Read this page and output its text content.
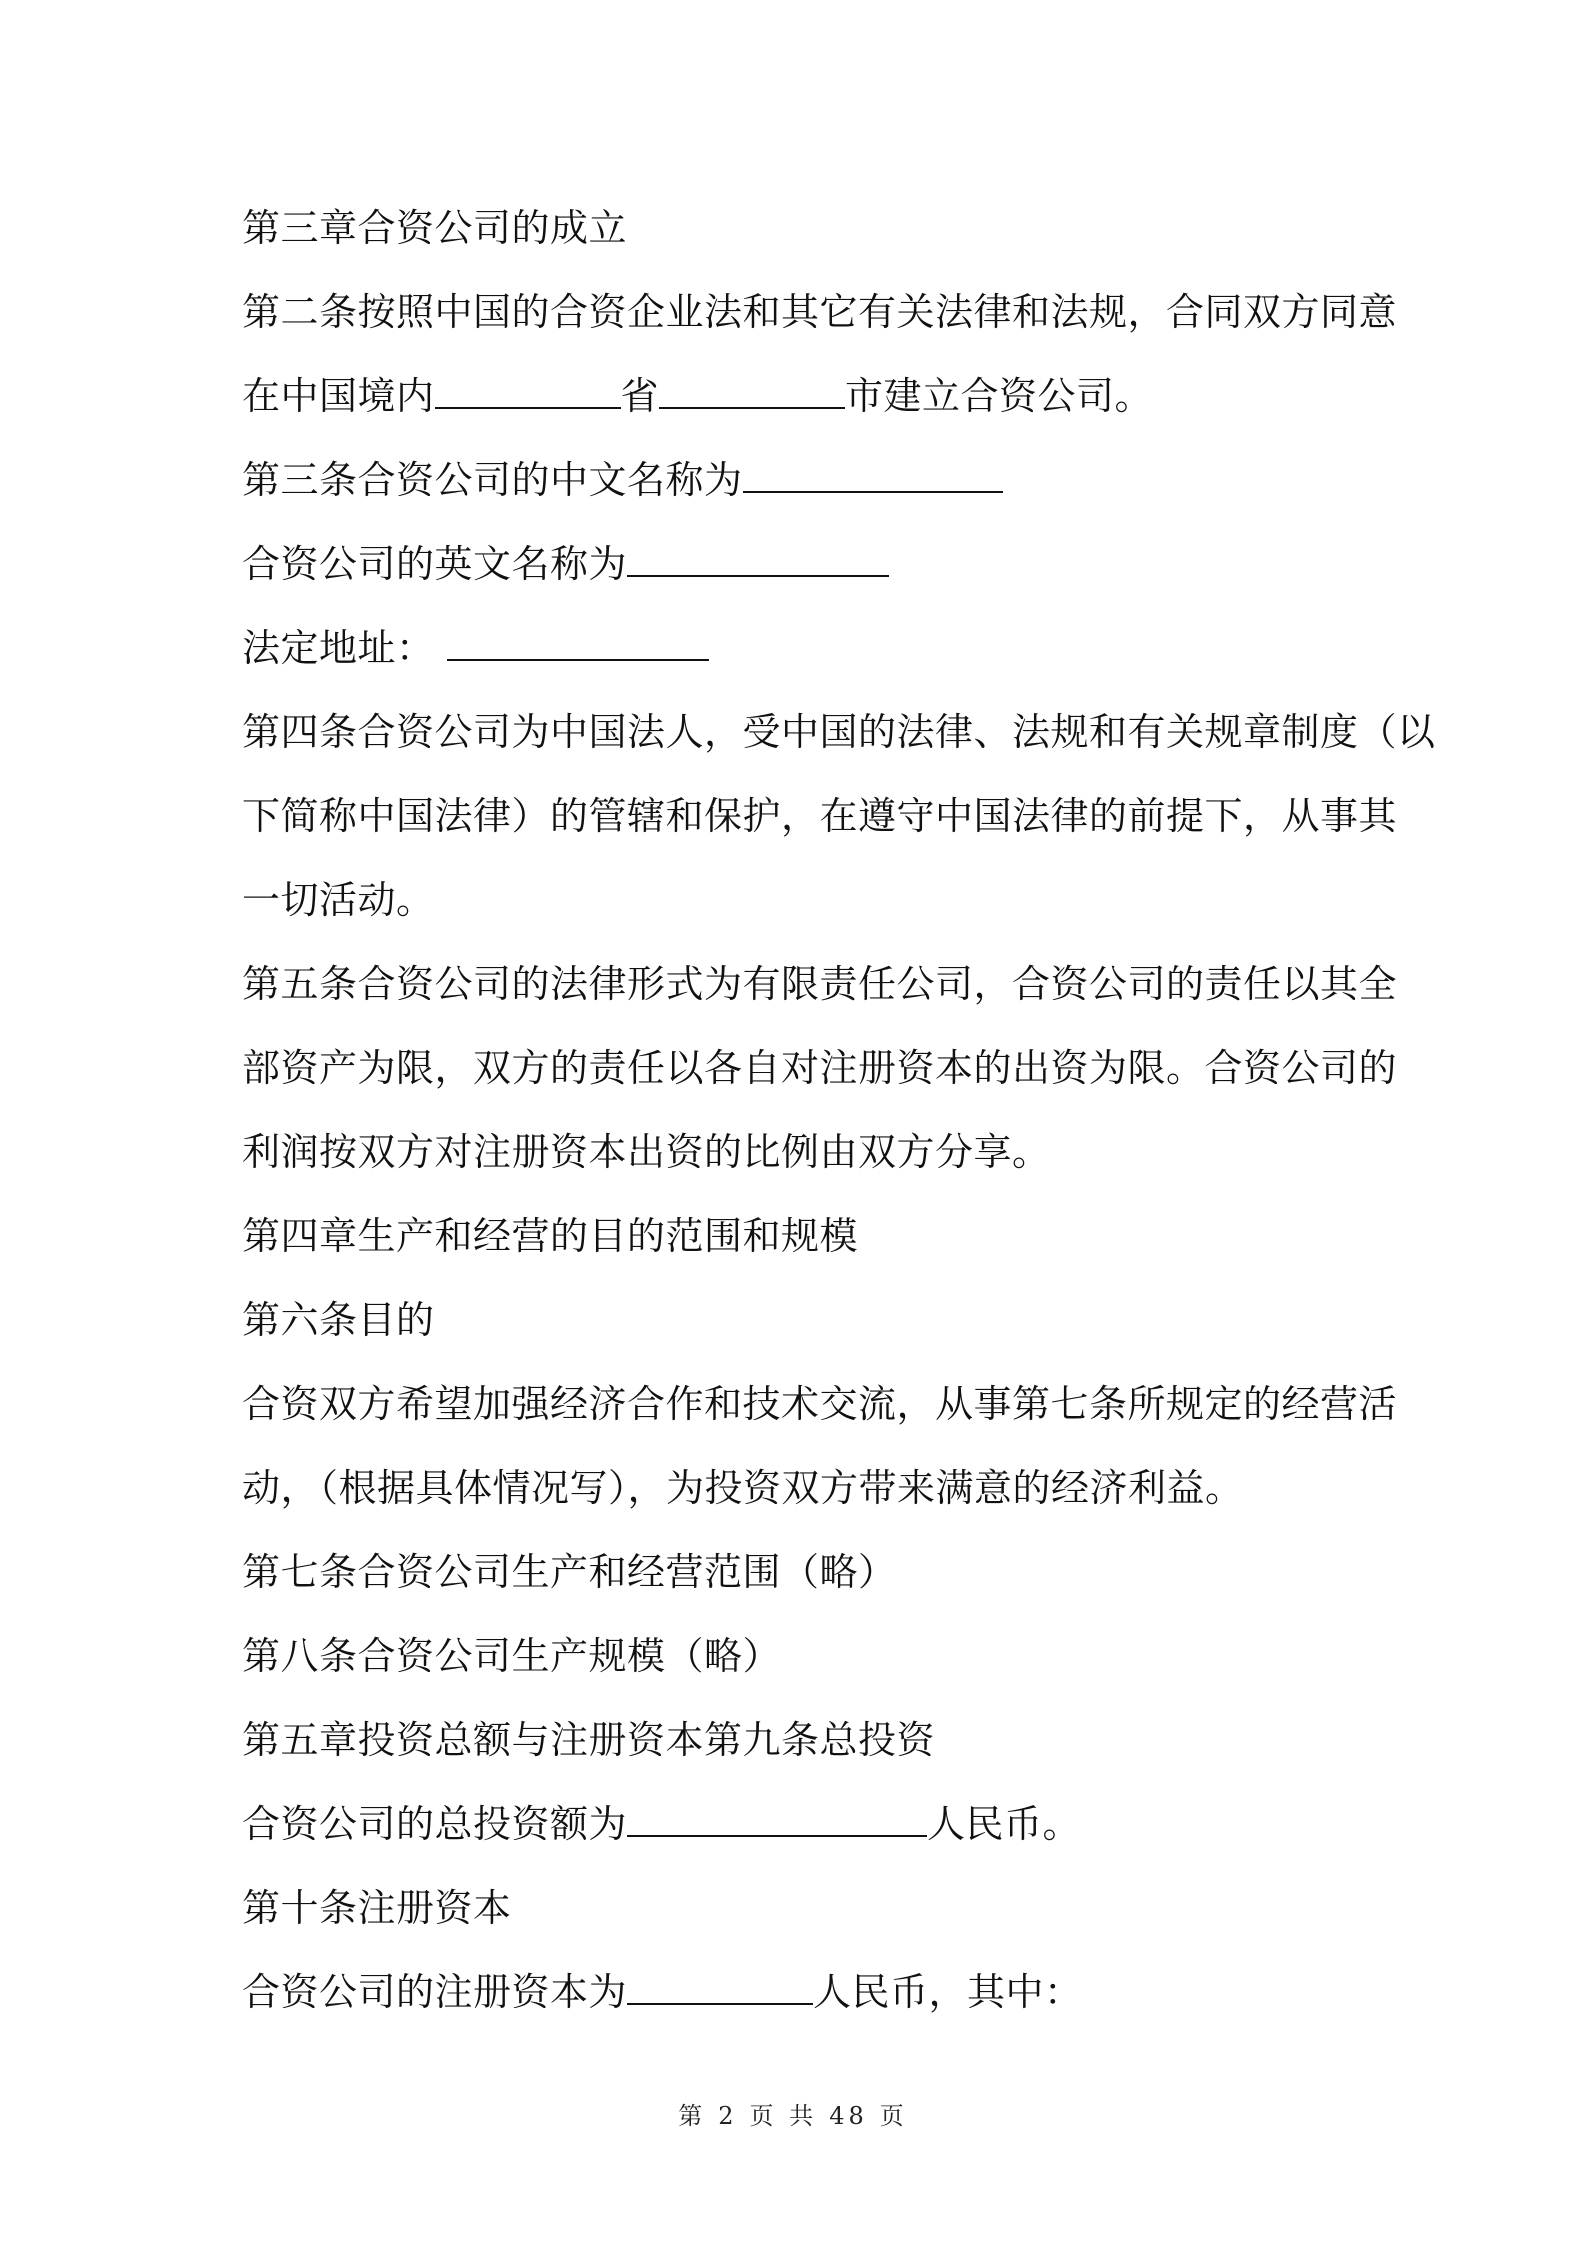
第三章合资公司的成立
第二条按照中国的合资企业法和其它有关法律和法规，合同双方同意
在中国境内	省	市建立合资公司。
第三条合资公司的中文名称为
合资公司的英文名称为
法定地址：
第四条合资公司为中国法人，受中国的法律、法规和有关规章制度（以
下简称中国法律）的管辖和保护，在遵守中国法律的前提下，从事其
一切活动。
第五条合资公司的法律形式为有限责任公司，合资公司的责任以其全
部资产为限，双方的责任以各自对注册资本的出资为限。合资公司的
利润按双方对注册资本出资的比例由双方分享。
第四章生产和经营的目的范围和规模
第六条目的
合资双方希望加强经济合作和技术交流，从事第七条所规定的经营活
动，（根据具体情况写），为投资双方带来满意的经济利益。
第七条合资公司生产和经营范围（略）
第八条合资公司生产规模（略）
第五章投资总额与注册资本第九条总投资
合资公司的总投资额为	人民币。
第十条注册资本
合资公司的注册资本为	人民币，其中：
第 2 页 共 48 页
